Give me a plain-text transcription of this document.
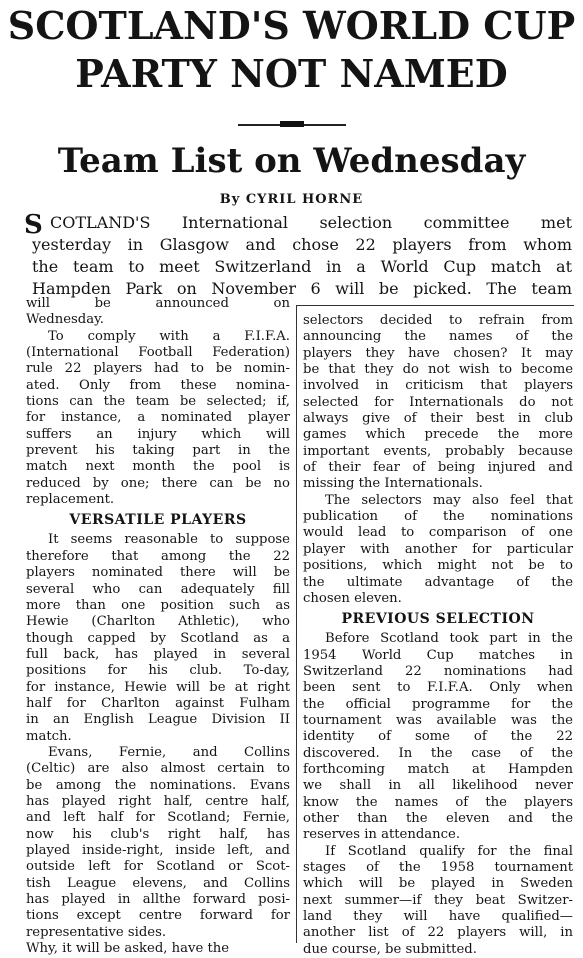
SCOTLAND'S WORLD CUP
PARTY NOT NAMED
Team List on Wednesday
By CYRIL HORNE
S COTLAND'S International selection committee met
yesterday in Glasgow and chose 22 players from whom
the team to meet Switzerland in a World Cup match at
Hampden Park on November 6 will be picked. The team
will be announced on
Wednesday.
To comply with a F.I.F.A.
(International Football Federation)
rule 22 players had to be nomin-
ated. Only from these nomina-
tions can the team be selected; if,
for instance, a nominated player
suffers an injury which will
prevent his taking part in the
match next month the pool is
reduced by one; there can be no
replacement.
VERSATILE PLAYERS
It seems reasonable to suppose
therefore that among the 22
players nominated there will be
several who can adequately fill
more than one position such as
Hewie (Charlton Athletic), who
though capped by Scotland as a
full back, has played in several
positions for his club. To-day,
for instance, Hewie will be at right
half for Charlton against Fulham
in an English League Division II
match.
Evans, Fernie, and Collins
(Celtic) are also almost certain to
be among the nominations. Evans
has played right half, centre half,
and left half for Scotland; Fernie,
now his club's right half, has
played inside-right, inside left, and
outside left for Scotland or Scot-
tish League elevens, and Collins
has played in allthe forward posi-
tions except centre forward for
representative sides.
Why, it will be asked, have the
selectors decided to refrain from
announcing the names of the
players they have chosen? It may
be that they do not wish to become
involved in criticism that players
selected for Internationals do not
always give of their best in club
games which precede the more
important events, probably because
of their fear of being injured and
missing the Internationals.
The selectors may also feel that
publication of the nominations
would lead to comparison of one
player with another for particular
positions, which might not be to
the ultimate advantage of the
chosen eleven.
PREVIOUS SELECTION
Before Scotland took part in the
1954 World Cup matches in
Switzerland 22 nominations had
been sent to F.I.F.A. Only when
the official programme for the
tournament was available was the
identity of some of the 22
discovered. In the case of the
forthcoming match at Hampden
we shall in all likelihood never
know the names of the players
other than the eleven and the
reserves in attendance.
If Scotland qualify for the final
stages of the 1958 tournament
which will be played in Sweden
next summer—if they beat Switzer-
land they will have qualified—
another list of 22 players will, in
due course, be submitted.
